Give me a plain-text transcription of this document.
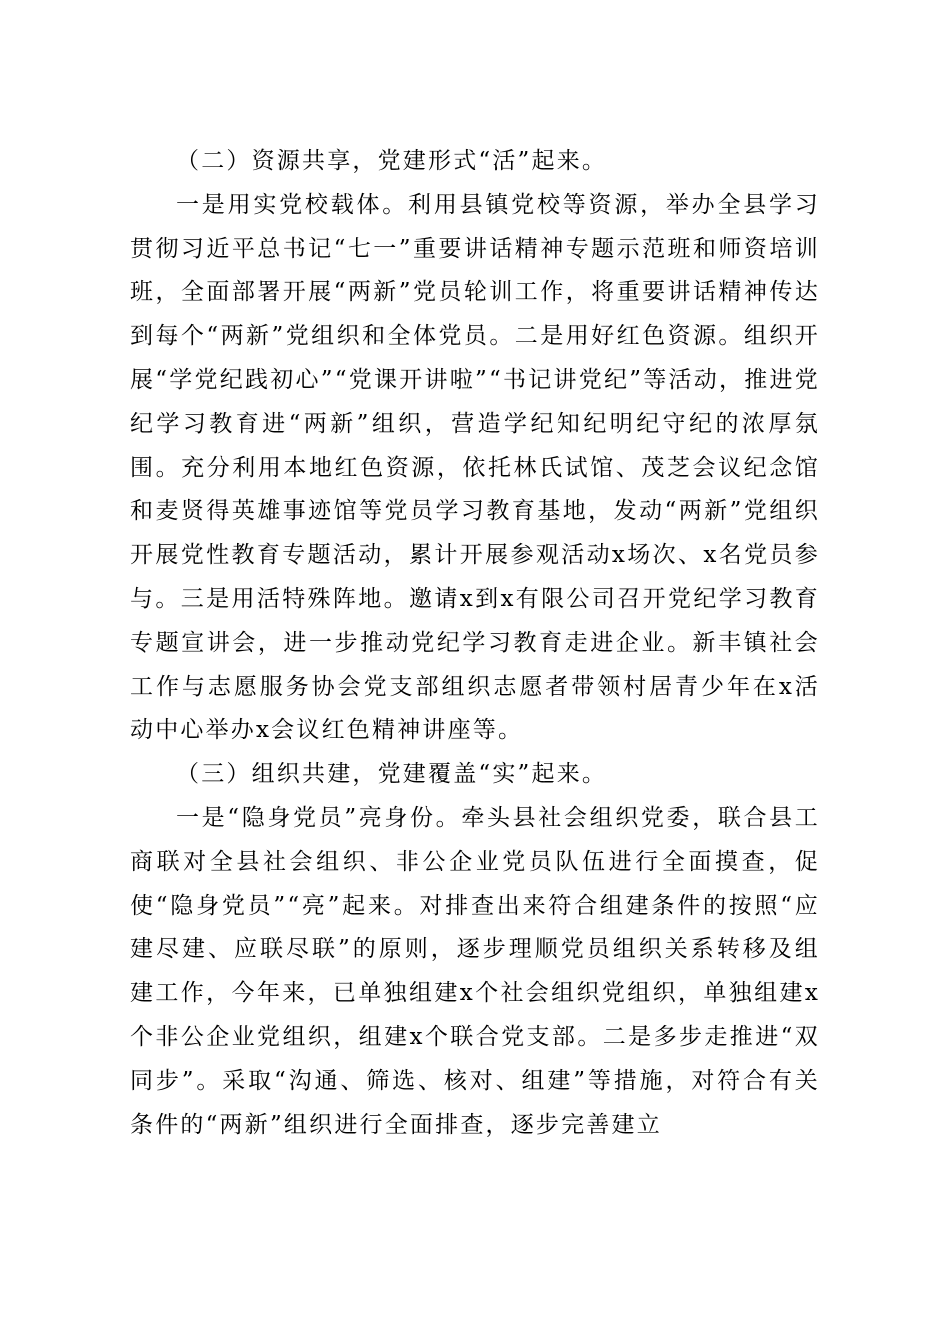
（二）资源共享，党建形式“活”起来。

一是用实党校载体。利用县镇党校等资源，举办全县学习贯彻习近平总书记“七一”重要讲话精神专题示范班和师资培训班，全面部署开展“两新”党员轮训工作，将重要讲话精神传达到每个“两新”党组织和全体党员。二是用好红色资源。组织开展“学党纪践初心”“党课开讲啦”“书记讲党纪”等活动，推进党纪学习教育进“两新”组织，营造学纪知纪明纪守纪的浓厚氛围。充分利用本地红色资源，依托林氏试馆、茂芝会议纪念馆和麦贤得英雄事迹馆等党员学习教育基地，发动“两新”党组织开展党性教育专题活动，累计开展参观活动x场次、x名党员参与。三是用活特殊阵地。邀请x到x有限公司召开党纪学习教育专题宣讲会，进一步推动党纪学习教育走进企业。新丰镇社会工作与志愿服务协会党支部组织志愿者带领村居青少年在x活动中心举办x会议红色精神讲座等。

（三）组织共建，党建覆盖“实”起来。

一是“隐身党员”亮身份。牵头县社会组织党委，联合县工商联对全县社会组织、非公企业党员队伍进行全面摸查，促使“隐身党员”“亮”起来。对排查出来符合组建条件的按照“应建尽建、应联尽联”的原则，逐步理顺党员组织关系转移及组建工作，今年来，已单独组建x个社会组织党组织，单独组建x个非公企业党组织，组建x个联合党支部。二是多步走推进“双同步”。采取“沟通、筛选、核对、组建”等措施，对符合有关条件的“两新”组织进行全面排查，逐步完善建立
